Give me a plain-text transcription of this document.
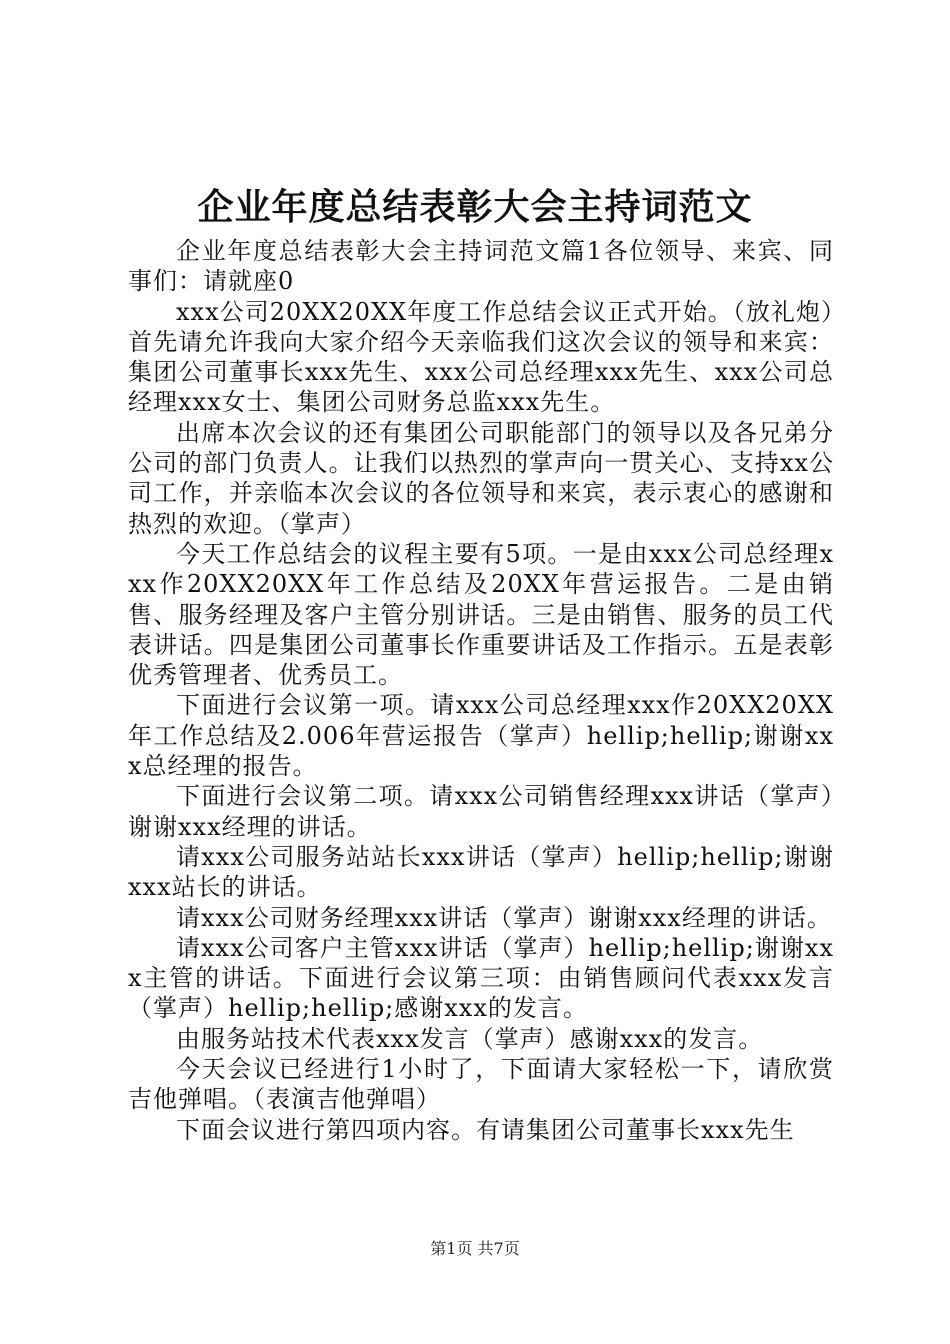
企业年度总结表彰大会主持词范文

企业年度总结表彰大会主持词范文篇1各位领导、来宾、同事们：请就座0

xxx公司20XX20XX年度工作总结会议正式开始。（放礼炮）首先请允许我向大家介绍今天亲临我们这次会议的领导和来宾：集团公司董事长xxx先生、xxx公司总经理xxx先生、xxx公司总经理xxx女士、集团公司财务总监xxx先生。

出席本次会议的还有集团公司职能部门的领导以及各兄弟分公司的部门负责人。让我们以热烈的掌声向一贯关心、支持xx公司工作，并亲临本次会议的各位领导和来宾，表示衷心的感谢和热烈的欢迎。（掌声）

今天工作总结会的议程主要有5项。一是由xxx公司总经理xxx作20XX20XX年工作总结及20XX年营运报告。二是由销售、服务经理及客户主管分别讲话。三是由销售、服务的员工代表讲话。四是集团公司董事长作重要讲话及工作指示。五是表彰优秀管理者、优秀员工。

下面进行会议第一项。请xxx公司总经理xxx作20XX20XX年工作总结及2.006年营运报告（掌声）hellip;hellip;谢谢xxx总经理的报告。

下面进行会议第二项。请xxx公司销售经理xxx讲话（掌声）谢谢xxx经理的讲话。

请xxx公司服务站站长xxx讲话（掌声）hellip;hellip;谢谢xxx站长的讲话。

请xxx公司财务经理xxx讲话（掌声）谢谢xxx经理的讲话。

请xxx公司客户主管xxx讲话（掌声）hellip;hellip;谢谢xxx主管的讲话。下面进行会议第三项：由销售顾问代表xxx发言（掌声）hellip;hellip;感谢xxx的发言。

由服务站技术代表xxx发言（掌声）感谢xxx的发言。

今天会议已经进行1小时了，下面请大家轻松一下，请欣赏吉他弹唱。（表演吉他弹唱）

下面会议进行第四项内容。有请集团公司董事长xxx先生

第1页 共7页
